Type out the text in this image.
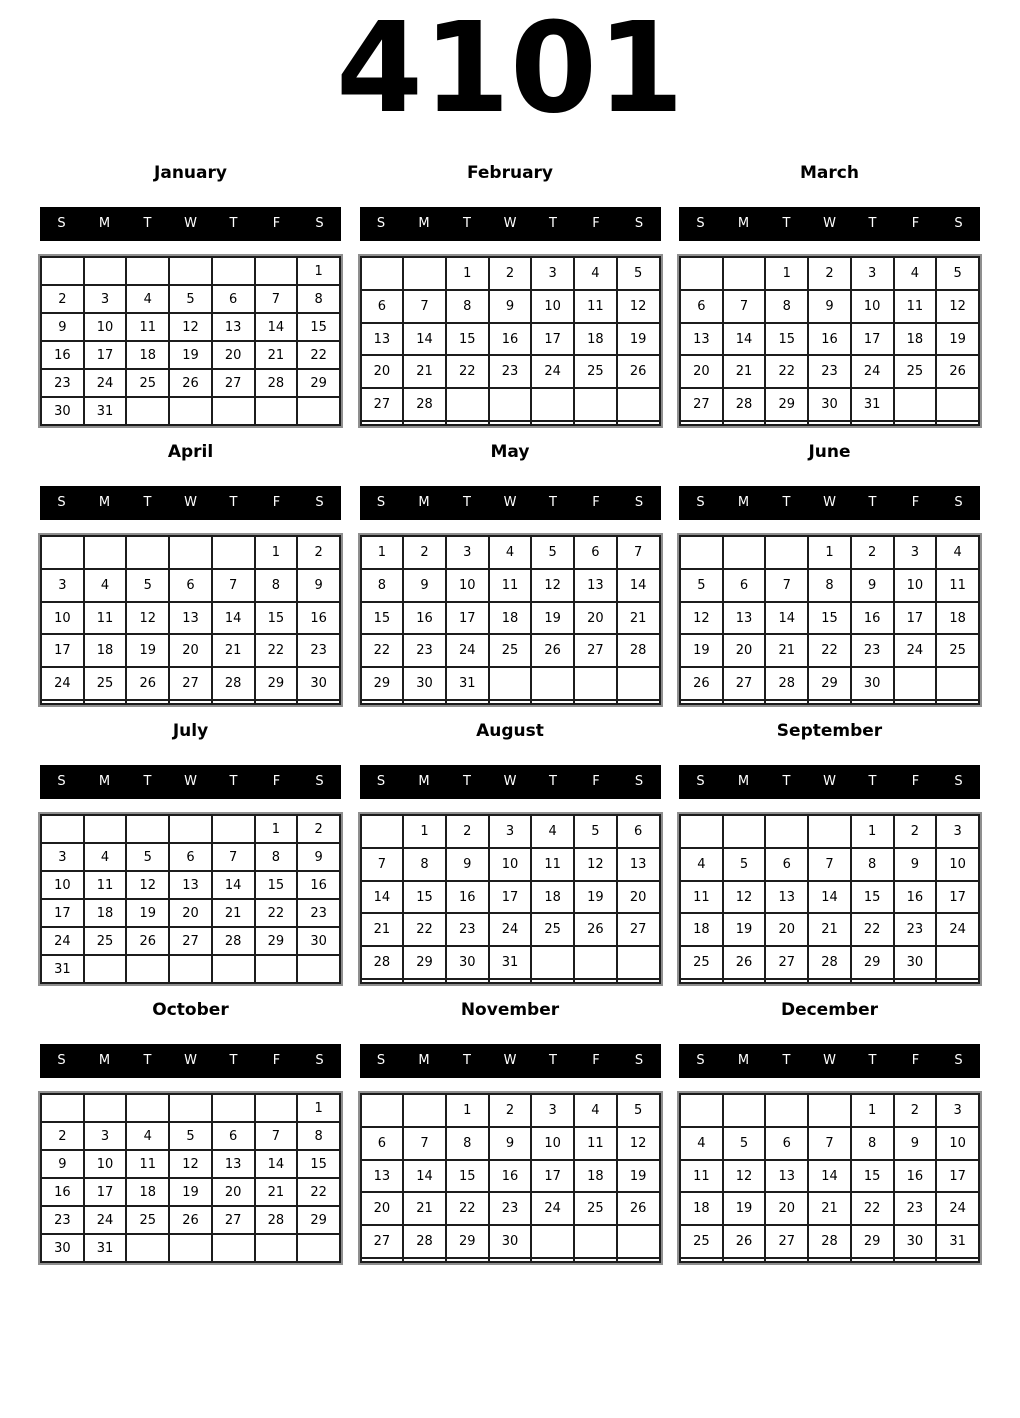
4101
January
S	M	T	W	T	F	S
						1
2	3	4	5	6	7	8
9	10	11	12	13	14	15
16	17	18	19	20	21	22
23	24	25	26	27	28	29
30	31					
February
S	M	T	W	T	F	S
		1	2	3	4	5
6	7	8	9	10	11	12
13	14	15	16	17	18	19
20	21	22	23	24	25	26
27	28					

March
S	M	T	W	T	F	S
		1	2	3	4	5
6	7	8	9	10	11	12
13	14	15	16	17	18	19
20	21	22	23	24	25	26
27	28	29	30	31		

April
S	M	T	W	T	F	S
					1	2
3	4	5	6	7	8	9
10	11	12	13	14	15	16
17	18	19	20	21	22	23
24	25	26	27	28	29	30

May
S	M	T	W	T	F	S
1	2	3	4	5	6	7
8	9	10	11	12	13	14
15	16	17	18	19	20	21
22	23	24	25	26	27	28
29	30	31				

June
S	M	T	W	T	F	S
			1	2	3	4
5	6	7	8	9	10	11
12	13	14	15	16	17	18
19	20	21	22	23	24	25
26	27	28	29	30		

July
S	M	T	W	T	F	S
					1	2
3	4	5	6	7	8	9
10	11	12	13	14	15	16
17	18	19	20	21	22	23
24	25	26	27	28	29	30
31						
August
S	M	T	W	T	F	S
	1	2	3	4	5	6
7	8	9	10	11	12	13
14	15	16	17	18	19	20
21	22	23	24	25	26	27
28	29	30	31			

September
S	M	T	W	T	F	S
				1	2	3
4	5	6	7	8	9	10
11	12	13	14	15	16	17
18	19	20	21	22	23	24
25	26	27	28	29	30	

October
S	M	T	W	T	F	S
						1
2	3	4	5	6	7	8
9	10	11	12	13	14	15
16	17	18	19	20	21	22
23	24	25	26	27	28	29
30	31					
November
S	M	T	W	T	F	S
		1	2	3	4	5
6	7	8	9	10	11	12
13	14	15	16	17	18	19
20	21	22	23	24	25	26
27	28	29	30			

December
S	M	T	W	T	F	S
				1	2	3
4	5	6	7	8	9	10
11	12	13	14	15	16	17
18	19	20	21	22	23	24
25	26	27	28	29	30	31
